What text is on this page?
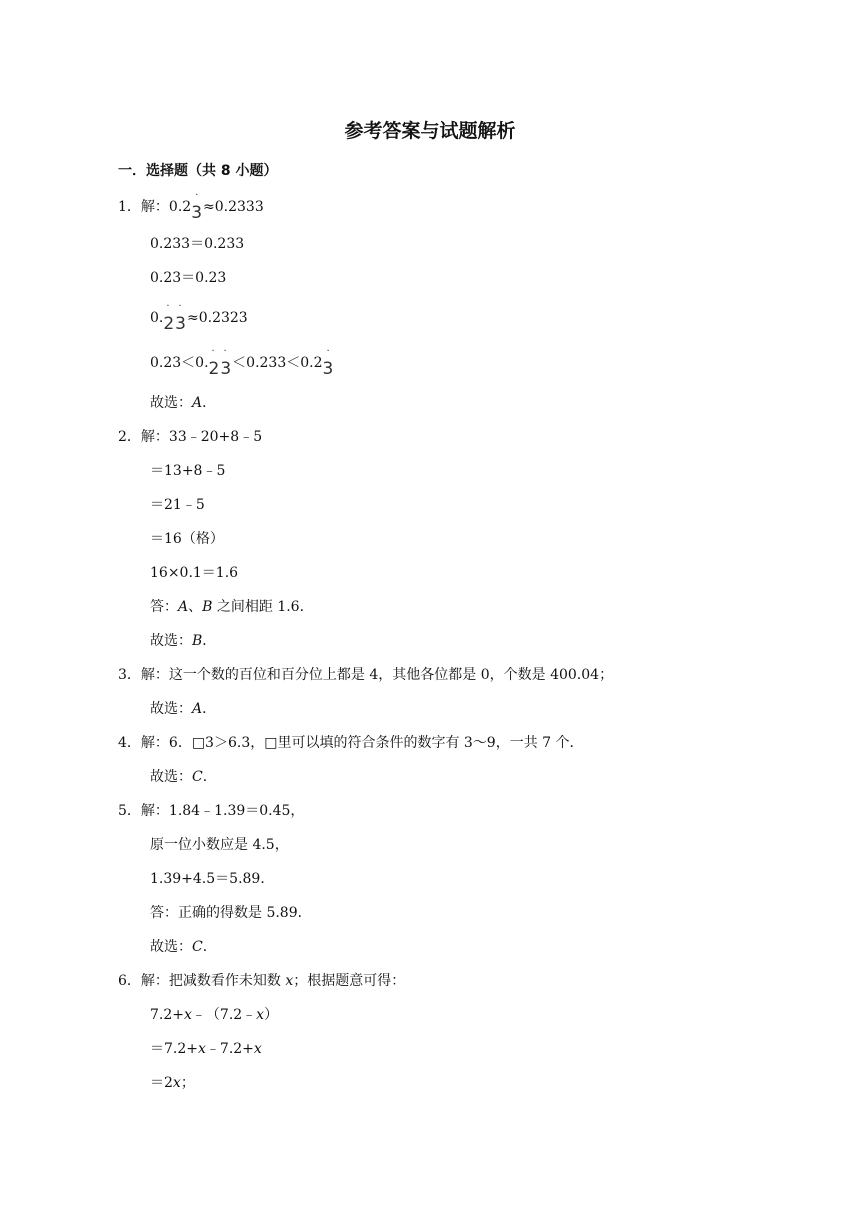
参考答案与试题解析
一．选择题（共 8 小题）
1．解：0.2
·
3≈0.2333
0.233＝0.233
0.23＝0.23
0.
· ·
23≈0.2323
0.23＜0.
· ·
23＜0.233＜0.2
·
3
故选：A．
2．解：33﹣20+8﹣5
＝13+8﹣5
＝21﹣5
＝16（格）
16×0.1＝1.6
答：A、B 之间相距 1.6．
故选：B．
3．解：这一个数的百位和百分位上都是 4，其他各位都是 0，个数是 400.04；
故选：A．
4．解：6．□3＞6.3，□里可以填的符合条件的数字有 3～9，一共 7 个．
故选：C．
5．解：1.84﹣1.39＝0.45，
原一位小数应是 4.5，
1.39+4.5＝5.89．
答：正确的得数是 5.89．
故选：C．
6．解：把减数看作未知数 x；根据题意可得：
7.2+x﹣（7.2﹣x）
＝7.2+x﹣7.2+x
＝2x；
